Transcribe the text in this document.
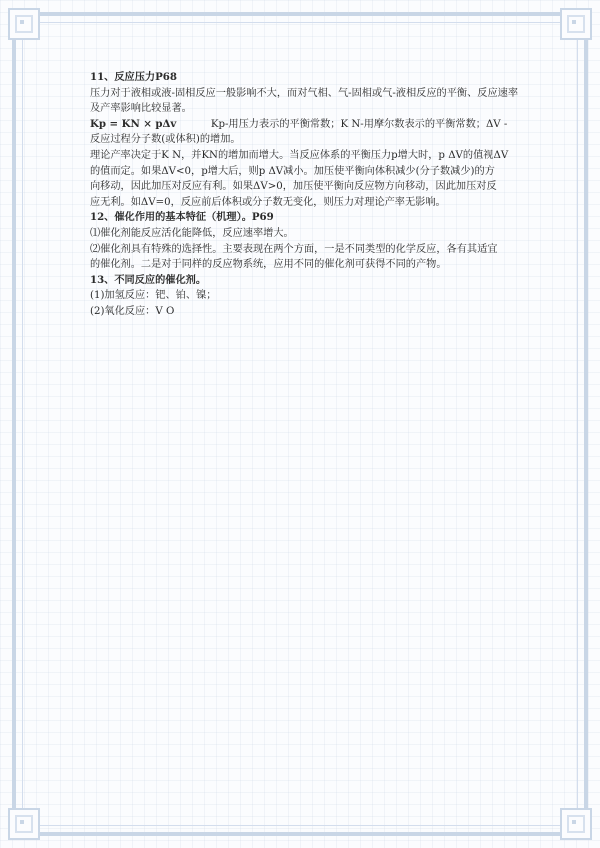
11、反应压力P68

压力对于液相或液-固相反应一般影响不大，而对气相、气-固相或气-液相反应的平衡、反应速率及产率影响比较显著。

Kp = KN × pΔv	Kp-用压力表示的平衡常数；K N-用摩尔数表示的平衡常数；ΔV -

反应过程分子数(或体积)的增加。

理论产率决定于K N，并KN的增加而增大。当反应体系的平衡压力p增大时，p ΔV的值视ΔV

的值而定。如果ΔV<0，p增大后，则p ΔV减小。加压使平衡向体积减少(分子数减少)的方

向移动，因此加压对反应有利。如果ΔV>0，加压使平衡向反应物方向移动，因此加压对反

应无利。如ΔV=0，反应前后体积或分子数无变化，则压力对理论产率无影响。

12、催化作用的基本特征（机理）。P69

⑴催化剂能反应活化能降低，反应速率增大。

⑵催化剂具有特殊的选择性。主要表现在两个方面，一是不同类型的化学反应，各有其适宜

的催化剂。二是对于同样的反应物系统，应用不同的催化剂可获得不同的产物。

13、不同反应的催化剂。

(1)加氢反应：钯、铂、镍；

(2)氧化反应：V O
